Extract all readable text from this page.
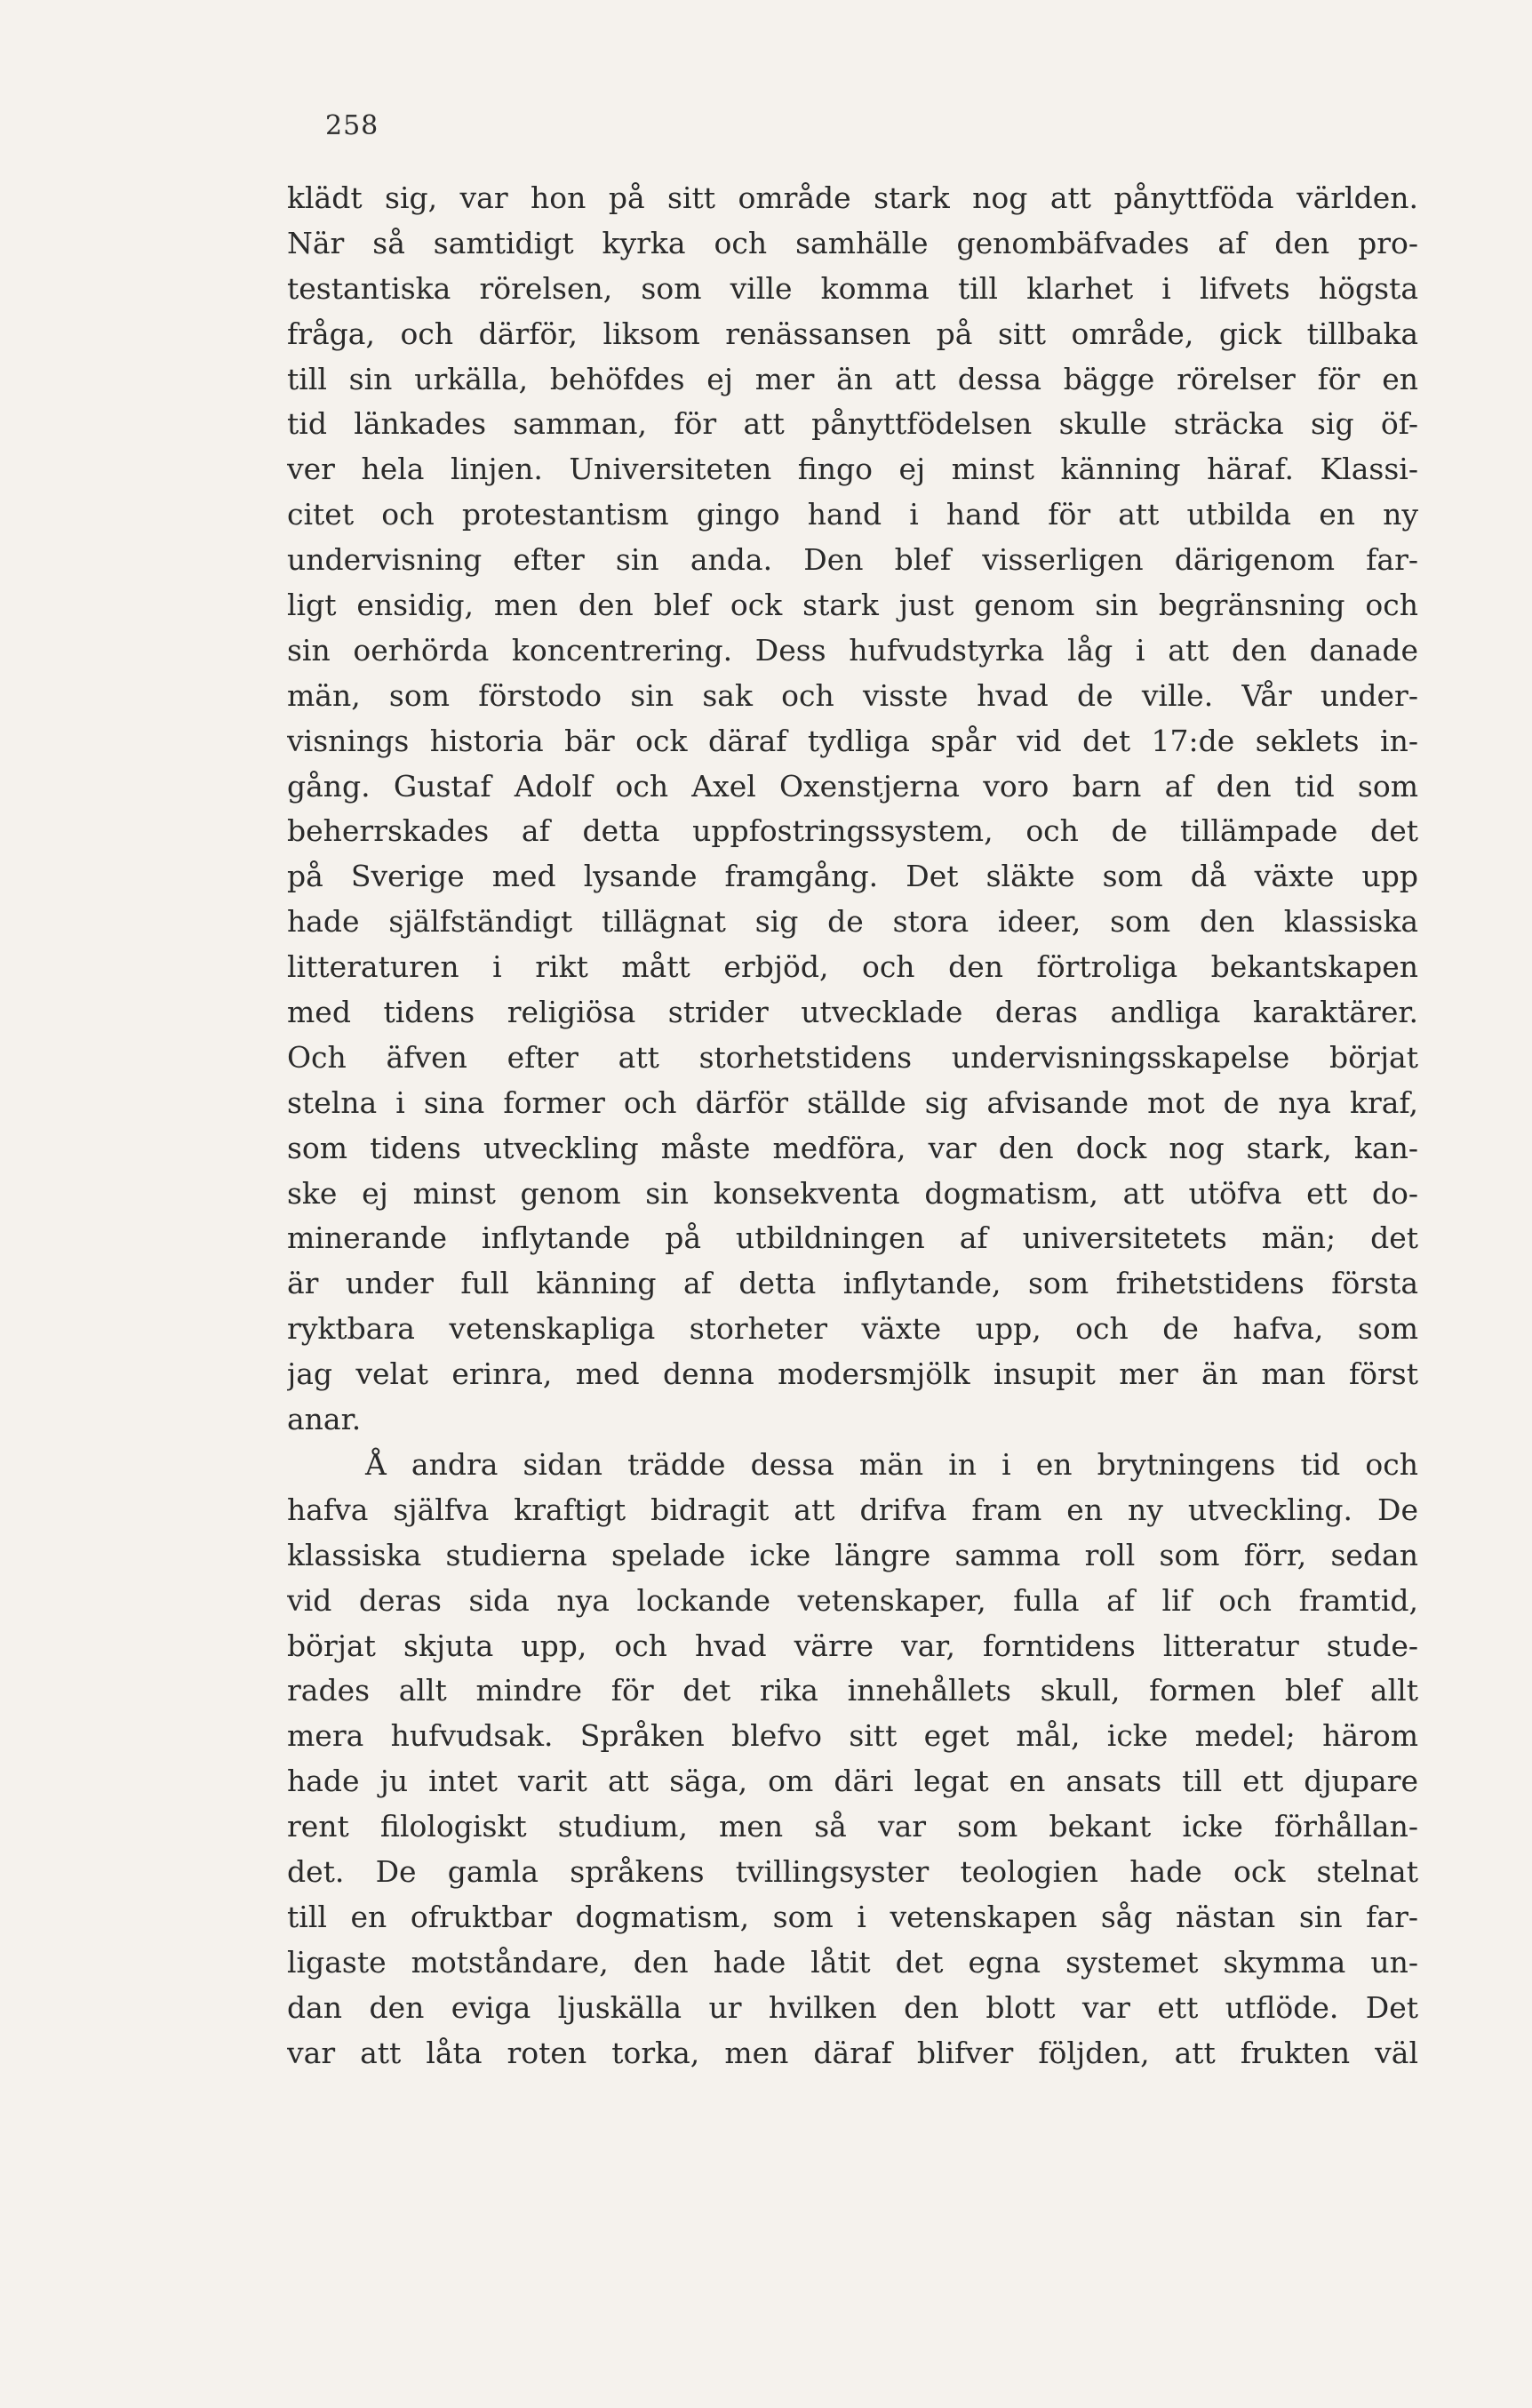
258
klädt sig, var hon på sitt område stark nog att pånyttföda världen.
När så samtidigt kyrka och samhälle genombäfvades af den pro-
testantiska rörelsen, som ville komma till klarhet i lifvets högsta
fråga, och därför, liksom renässansen på sitt område, gick tillbaka
till sin urkälla, behöfdes ej mer än att dessa bägge rörelser för en
tid länkades samman, för att pånyttfödelsen skulle sträcka sig öf-
ver hela linjen. Universiteten fingo ej minst känning häraf. Klassi-
citet och protestantism gingo hand i hand för att utbilda en ny
undervisning efter sin anda. Den blef visserligen därigenom far-
ligt ensidig, men den blef ock stark just genom sin begränsning och
sin oerhörda koncentrering. Dess hufvudstyrka låg i att den danade
män, som förstodo sin sak och visste hvad de ville. Vår under-
visnings historia bär ock däraf tydliga spår vid det 17:de seklets in-
gång. Gustaf Adolf och Axel Oxenstjerna voro barn af den tid som
beherrskades af detta uppfostringssystem, och de tillämpade det
på Sverige med lysande framgång. Det släkte som då växte upp
hade själfständigt tillägnat sig de stora ideer, som den klassiska
litteraturen i rikt mått erbjöd, och den förtroliga bekantskapen
med tidens religiösa strider utvecklade deras andliga karaktärer.
Och äfven efter att storhetstidens undervisningsskapelse börjat
stelna i sina former och därför ställde sig afvisande mot de nya kraf,
som tidens utveckling måste medföra, var den dock nog stark, kan-
ske ej minst genom sin konsekventa dogmatism, att utöfva ett do-
minerande inflytande på utbildningen af universitetets män; det
är under full känning af detta inflytande, som frihetstidens första
ryktbara vetenskapliga storheter växte upp, och de hafva, som
jag velat erinra, med denna modersmjölk insupit mer än man först
anar.
Å andra sidan trädde dessa män in i en brytningens tid och
hafva själfva kraftigt bidragit att drifva fram en ny utveckling. De
klassiska studierna spelade icke längre samma roll som förr, sedan
vid deras sida nya lockande vetenskaper, fulla af lif och framtid,
börjat skjuta upp, och hvad värre var, forntidens litteratur stude-
rades allt mindre för det rika innehållets skull, formen blef allt
mera hufvudsak. Språken blefvo sitt eget mål, icke medel; härom
hade ju intet varit att säga, om däri legat en ansats till ett djupare
rent filologiskt studium, men så var som bekant icke förhållan-
det. De gamla språkens tvillingsyster teologien hade ock stelnat
till en ofruktbar dogmatism, som i vetenskapen såg nästan sin far-
ligaste motståndare, den hade låtit det egna systemet skymma un-
dan den eviga ljuskälla ur hvilken den blott var ett utflöde. Det
var att låta roten torka, men däraf blifver följden, att frukten väl
